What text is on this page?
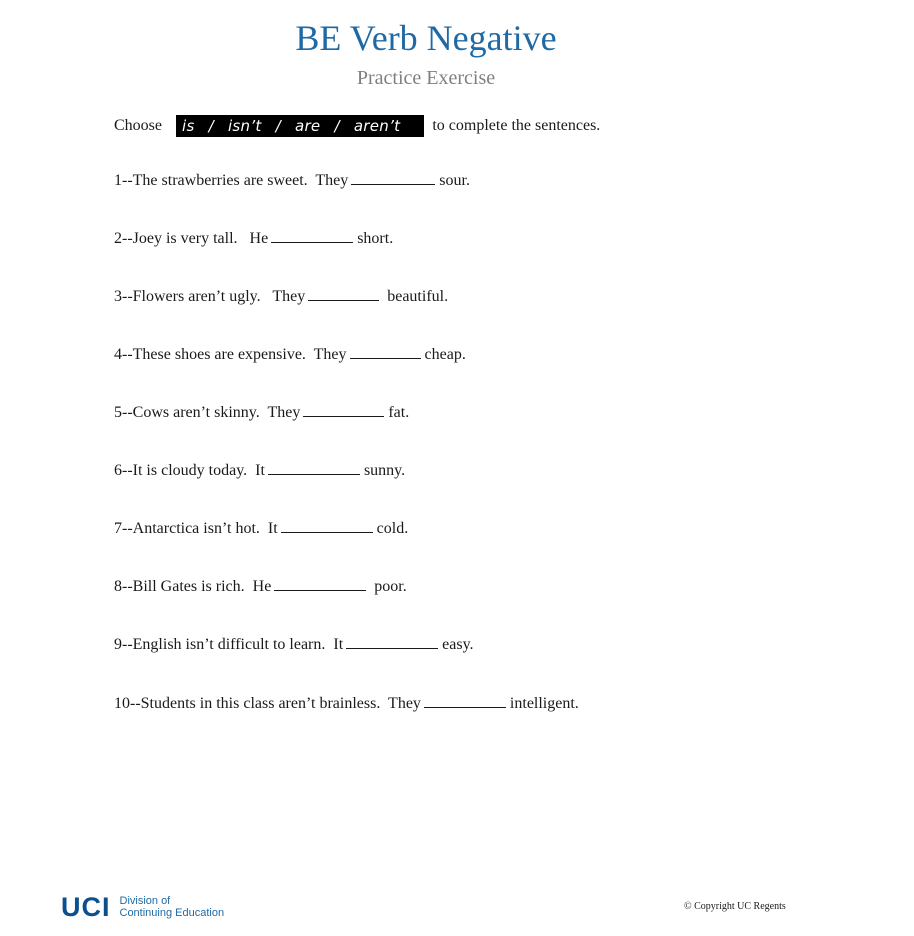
BE Verb Negative
Practice Exercise
Choose is / isn’t / are / aren’t to complete the sentences.
1--The strawberries are sweet.  They	sour.
2--Joey is very tall.   He	short.
3--Flowers aren’t ugly.   They	beautiful.
4--These shoes are expensive.  They	cheap.
5--Cows aren’t skinny.  They	fat.
6--It is cloudy today.  It	sunny.
7--Antarctica isn’t hot.  It	cold.
8--Bill Gates is rich.  He	poor.
9--English isn’t difficult to learn.  It	easy.
10--Students in this class aren’t brainless.  They	intelligent.
UCI Division of
Continuing Education
© Copyright UC Regents
